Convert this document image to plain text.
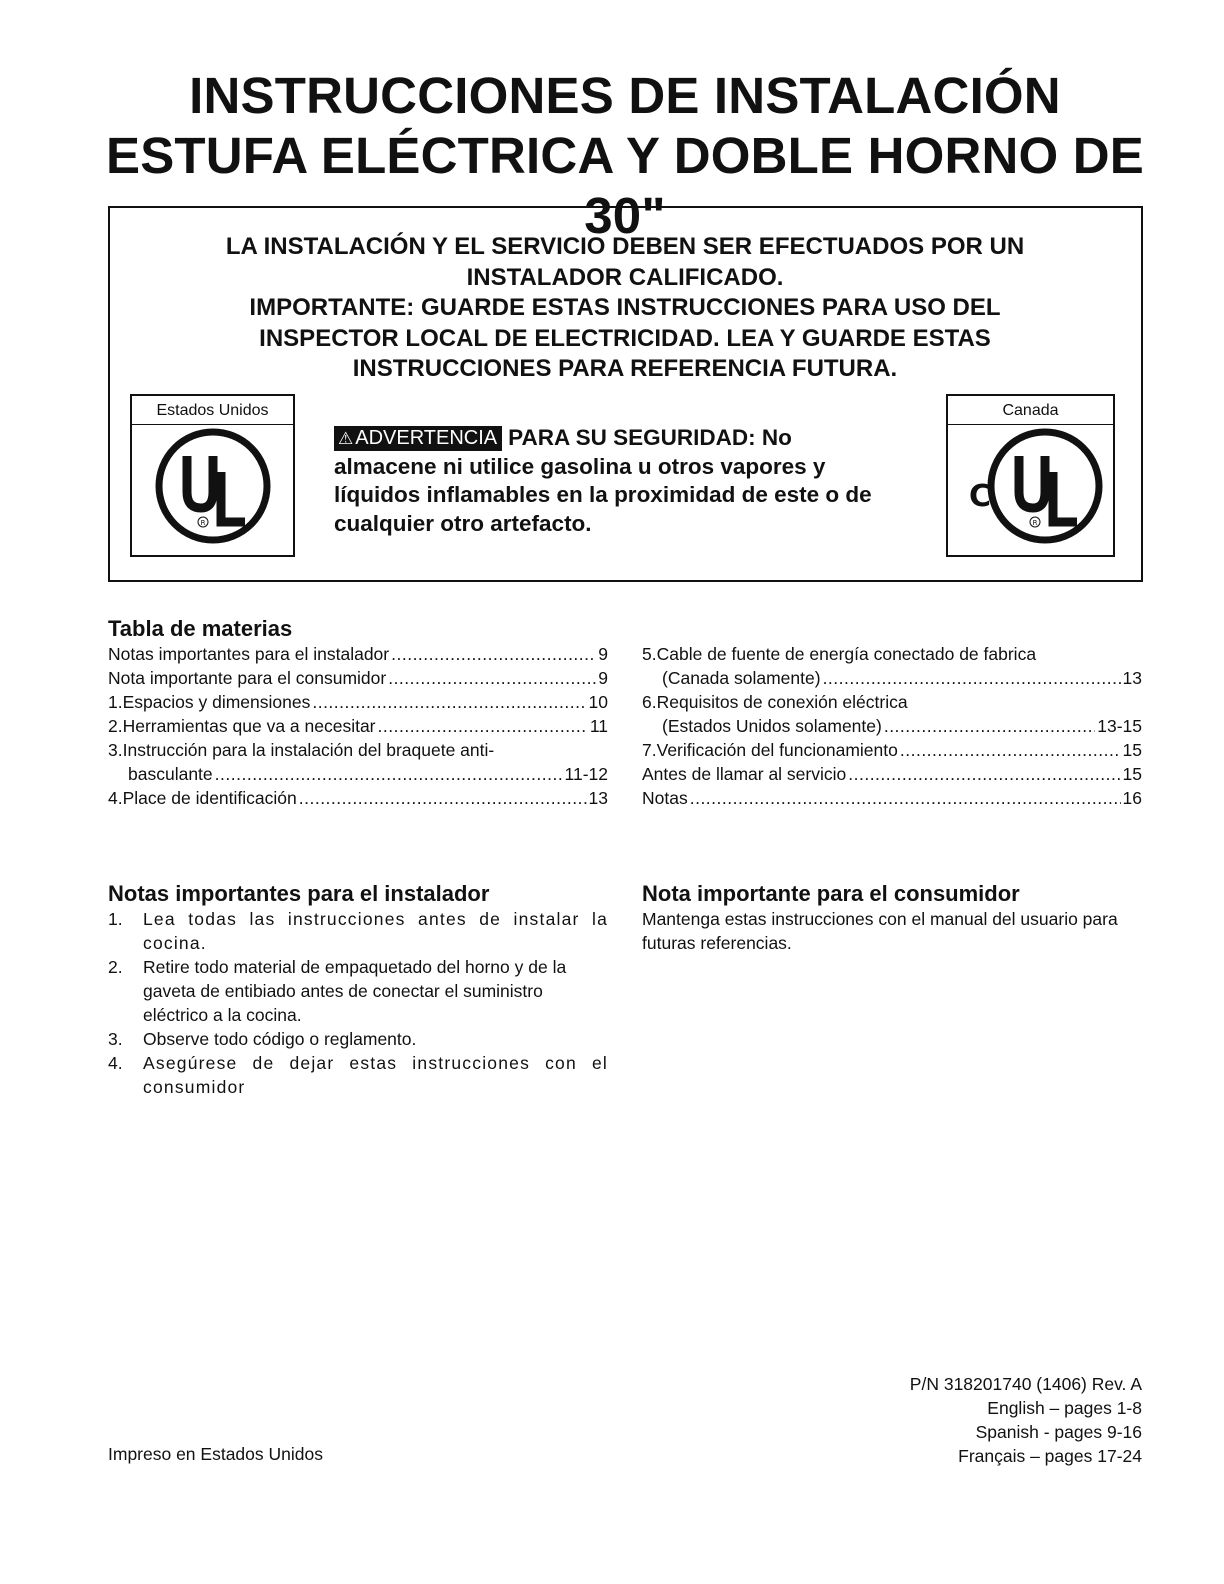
INSTRUCCIONES DE INSTALACIÓN
ESTUFA ELÉCTRICA Y DOBLE HORNO DE 30"
LA INSTALACIÓN Y EL SERVICIO DEBEN SER EFECTUADOS POR UN
INSTALADOR CALIFICADO.
IMPORTANTE: GUARDE ESTAS INSTRUCCIONES PARA USO DEL
INSPECTOR LOCAL DE ELECTRICIDAD. LEA Y GUARDE ESTAS
INSTRUCCIONES PARA REFERENCIA FUTURA.
Estados Unidos
R
⚠ ADVERTENCIA PARA SU SEGURIDAD: No
almacene ni utilice gasolina u otros vapores y
líquidos inflamables en la proximidad de este o de
cualquier otro artefacto.
Canada
C
R
Tabla de materias
Notas importantes para el instalador .....	9
Nota importante para el consumidor .....	9
1. Espacios y dimensiones .....	10
2. Herramientas que va a necesitar .....	11
3. Instrucción para la instalación del braquete anti-
basculante .....	11-12
4. Place de identificación .....	13
5. Cable de fuente de energía conectado de fabrica
(Canada solamente) .....	13
6. Requisitos de conexión eléctrica
(Estados Unidos solamente) .....	13-15
7. Verificación del funcionamiento .....	15
Antes de llamar al servicio .....	15
Notas .....	16
Notas importantes para el instalador
1.	Lea todas las instrucciones antes de instalar la cocina.
2.	Retire todo material de empaquetado del horno y de la gaveta de entibiado antes de conectar el suministro eléctrico a la cocina.
3.	Observe todo código o reglamento.
4.	Asegúrese de dejar estas instrucciones con el consumidor
Nota importante para el consumidor
Mantenga estas instrucciones con el manual del usuario para futuras referencias.
Impreso en Estados Unidos
P/N 318201740 (1406) Rev. A
English – pages 1-8
Spanish - pages 9-16
Français – pages 17-24
